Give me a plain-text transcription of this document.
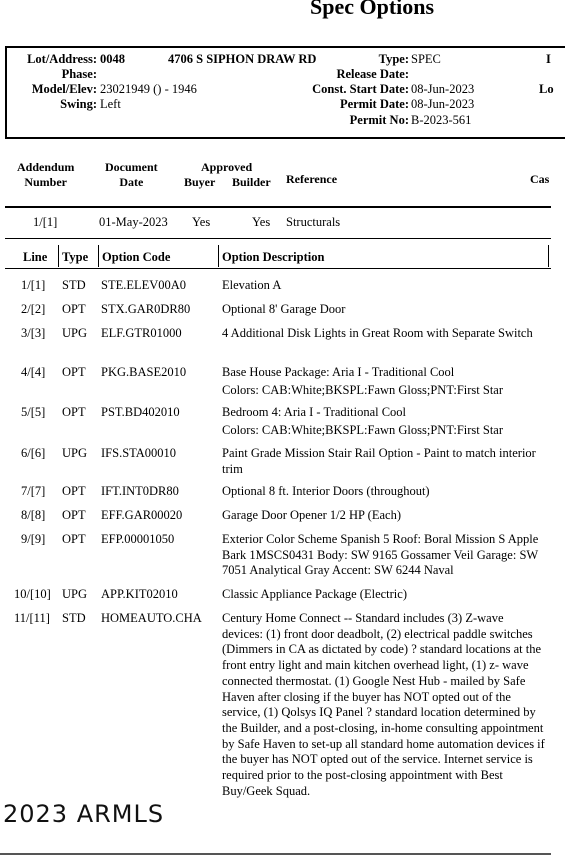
Spec Options
Lot/Address: 0048	4706 S SIPHON DRAW RD	Type: SPEC	I
Phase:	Release Date:
Model/Elev: 23021949 () - 1946	Const. Start Date: 08-Jun-2023	Lo
Swing: Left	Permit Date: 08-Jun-2023
Permit No: B-2023-561
Addendum
Number
Document
Date
Approved
Buyer Builder Reference	Cas
1/[1]	01-May-2023 Yes	Yes Structurals
Line Type Option Code	Option Description
1/[1] STD STE.ELEV00A0	Elevation A
2/[2] OPT STX.GAR0DR80	Optional 8' Garage Door
3/[3] UPG ELF.GTR01000	4 Additional Disk Lights in Great Room with Separate Switch
4/[4] OPT PKG.BASE2010	Base House Package: Aria I - Traditional Cool
Colors: CAB:White;BKSPL:Fawn Gloss;PNT:First Star
5/[5] OPT PST.BD402010	Bedroom 4: Aria I - Traditional Cool
Colors: CAB:White;BKSPL:Fawn Gloss;PNT:First Star
6/[6] UPG IFS.STA00010	Paint Grade Mission Stair Rail Option - Paint to match interior trim
7/[7] OPT IFT.INT0DR80	Optional 8 ft. Interior Doors (throughout)
8/[8] OPT EFF.GAR00020	Garage Door Opener 1/2 HP (Each)
9/[9] OPT EFP.00001050	Exterior Color Scheme Spanish 5 Roof: Boral Mission S Apple Bark 1MSCS0431 Body: SW 9165 Gossamer Veil Garage: SW 7051 Analytical Gray Accent: SW 6244 Naval
10/[10] UPG APP.KIT02010	Classic Appliance Package (Electric)
11/[11] STD HOMEAUTO.CHA Century Home Connect -- Standard includes (3) Z-wave devices: (1) front door deadbolt, (2) electrical paddle switches (Dimmers in CA as dictated by code) ? standard locations at the front entry light and main kitchen overhead light, (1) z- wave connected thermostat. (1) Google Nest Hub - mailed by Safe Haven after closing if the buyer has NOT opted out of the service, (1) Qolsys IQ Panel ? standard location determined by the Builder, and a post-closing, in-home consulting appointment by Safe Haven to set-up all standard home automation devices if the buyer has NOT opted out of the service. Internet service is required prior to the post-closing appointment with Best Buy/Geek Squad.
2023 ARMLS
